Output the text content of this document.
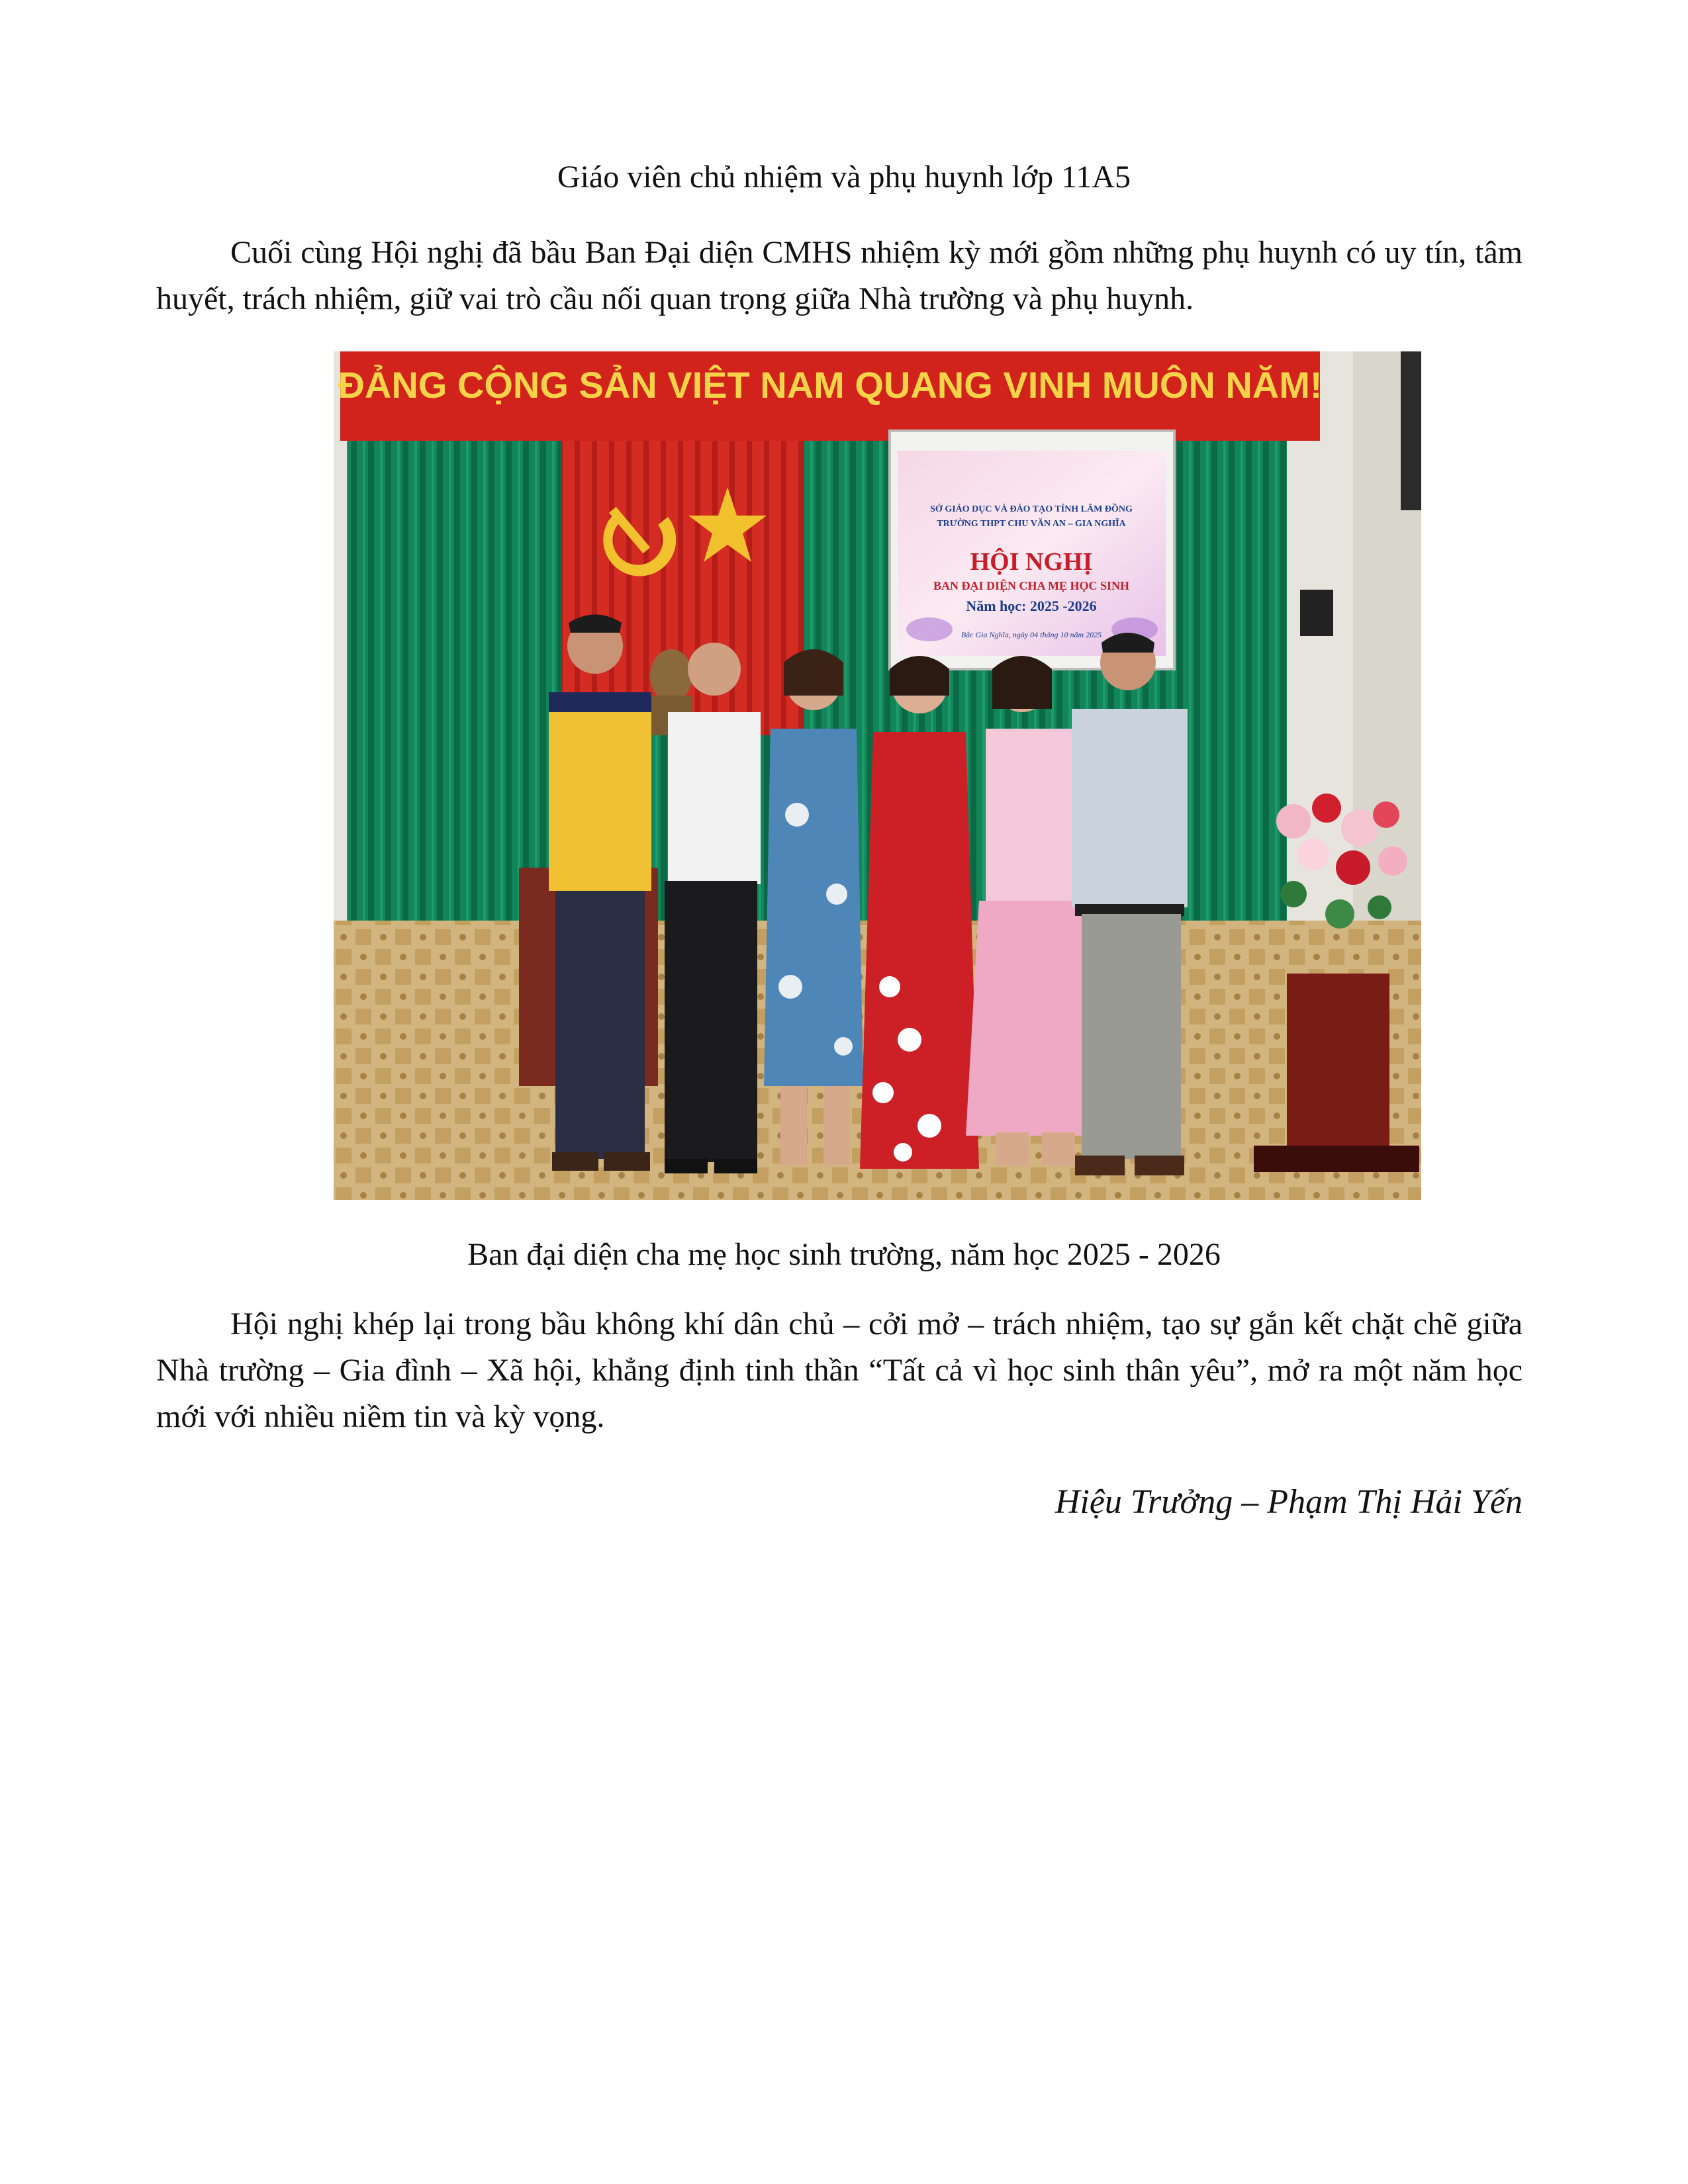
Giáo viên chủ nhiệm và phụ huynh lớp 11A5

Cuối cùng Hội nghị đã bầu Ban Đại diện CMHS nhiệm kỳ mới gồm những phụ huynh có uy tín, tâm huyết, trách nhiệm, giữ vai trò cầu nối quan trọng giữa Nhà trường và phụ huynh.

ĐẢNG CỘNG SẢN VIỆT NAM QUANG VINH MUÔN NĂM!
SỞ GIÁO DỤC VÀ ĐÀO TẠO TỈNH LÂM ĐỒNG
TRƯỜNG THPT CHU VĂN AN – GIA NGHĨA
HỘI NGHỊ
BAN ĐẠI DIỆN CHA MẸ HỌC SINH
Năm học: 2025 -2026
Bắc Gia Nghĩa, ngày 04 tháng 10 năm 2025

Ban đại diện cha mẹ học sinh trường, năm học 2025 - 2026

Hội nghị khép lại trong bầu không khí dân chủ – cởi mở – trách nhiệm, tạo sự gắn kết chặt chẽ giữa Nhà trường – Gia đình – Xã hội, khẳng định tinh thần “Tất cả vì học sinh thân yêu”, mở ra một năm học mới với nhiều niềm tin và kỳ vọng.

Hiệu Trưởng – Phạm Thị Hải Yến
